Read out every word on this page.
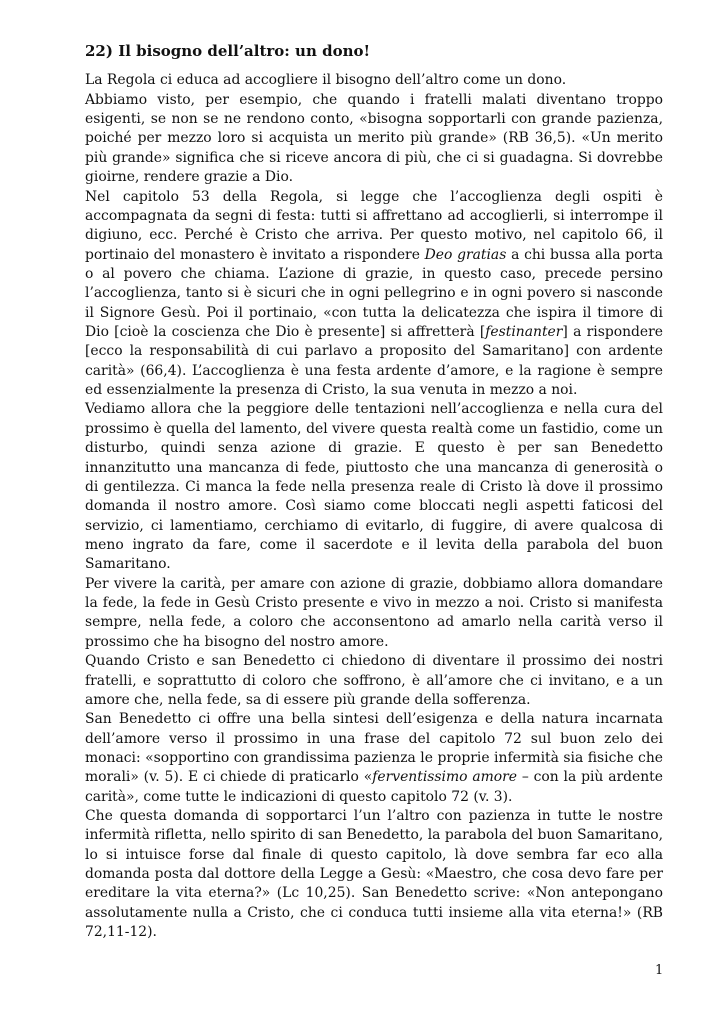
22) Il bisogno dell’altro: un dono!

La Regola ci educa ad accogliere il bisogno dell’altro come un dono.

Abbiamo visto, per esempio, che quando i fratelli malati diventano troppo esigenti, se non se ne rendono conto, «bisogna sopportarli con grande pazienza, poiché per mezzo loro si acquista un merito più grande» (RB 36,5). «Un merito più grande» significa che si riceve ancora di più, che ci si guadagna. Si dovrebbe gioirne, rendere grazie a Dio.

Nel capitolo 53 della Regola, si legge che l’accoglienza degli ospiti è accompagnata da segni di festa: tutti si affrettano ad accoglierli, si interrompe il digiuno, ecc. Perché è Cristo che arriva. Per questo motivo, nel capitolo 66, il portinaio del monastero è invitato a rispondere Deo gratias a chi bussa alla porta o al povero che chiama. L’azione di grazie, in questo caso, precede persino l’accoglienza, tanto si è sicuri che in ogni pellegrino e in ogni povero si nasconde il Signore Gesù. Poi il portinaio, «con tutta la delicatezza che ispira il timore di Dio [cioè la coscienza che Dio è presente] si affretterà [festinanter] a rispondere [ecco la responsabilità di cui parlavo a proposito del Samaritano] con ardente carità» (66,4). L’accoglienza è una festa ardente d’amore, e la ragione è sempre ed essenzialmente la presenza di Cristo, la sua venuta in mezzo a noi.

Vediamo allora che la peggiore delle tentazioni nell’accoglienza e nella cura del prossimo è quella del lamento, del vivere questa realtà come un fastidio, come un disturbo, quindi senza azione di grazie. E questo è per san Benedetto innanzitutto una mancanza di fede, piuttosto che una mancanza di generosità o di gentilezza. Ci manca la fede nella presenza reale di Cristo là dove il prossimo domanda il nostro amore. Così siamo come bloccati negli aspetti faticosi del servizio, ci lamentiamo, cerchiamo di evitarlo, di fuggire, di avere qualcosa di meno ingrato da fare, come il sacerdote e il levita della parabola del buon Samaritano.

Per vivere la carità, per amare con azione di grazie, dobbiamo allora domandare la fede, la fede in Gesù Cristo presente e vivo in mezzo a noi. Cristo si manifesta sempre, nella fede, a coloro che acconsentono ad amarlo nella carità verso il prossimo che ha bisogno del nostro amore.

Quando Cristo e san Benedetto ci chiedono di diventare il prossimo dei nostri fratelli, e soprattutto di coloro che soffrono, è all’amore che ci invitano, e a un amore che, nella fede, sa di essere più grande della sofferenza.

San Benedetto ci offre una bella sintesi dell’esigenza e della natura incarnata dell’amore verso il prossimo in una frase del capitolo 72 sul buon zelo dei monaci: «sopportino con grandissima pazienza le proprie infermità sia fisiche che morali» (v. 5). E ci chiede di praticarlo «ferventissimo amore – con la più ardente carità», come tutte le indicazioni di questo capitolo 72 (v. 3).

Che questa domanda di sopportarci l’un l’altro con pazienza in tutte le nostre infermità rifletta, nello spirito di san Benedetto, la parabola del buon Samaritano, lo si intuisce forse dal finale di questo capitolo, là dove sembra far eco alla domanda posta dal dottore della Legge a Gesù: «Maestro, che cosa devo fare per ereditare la vita eterna?» (Lc 10,25). San Benedetto scrive: «Non antepongano assolutamente nulla a Cristo, che ci conduca tutti insieme alla vita eterna!» (RB 72,11-12).

1
